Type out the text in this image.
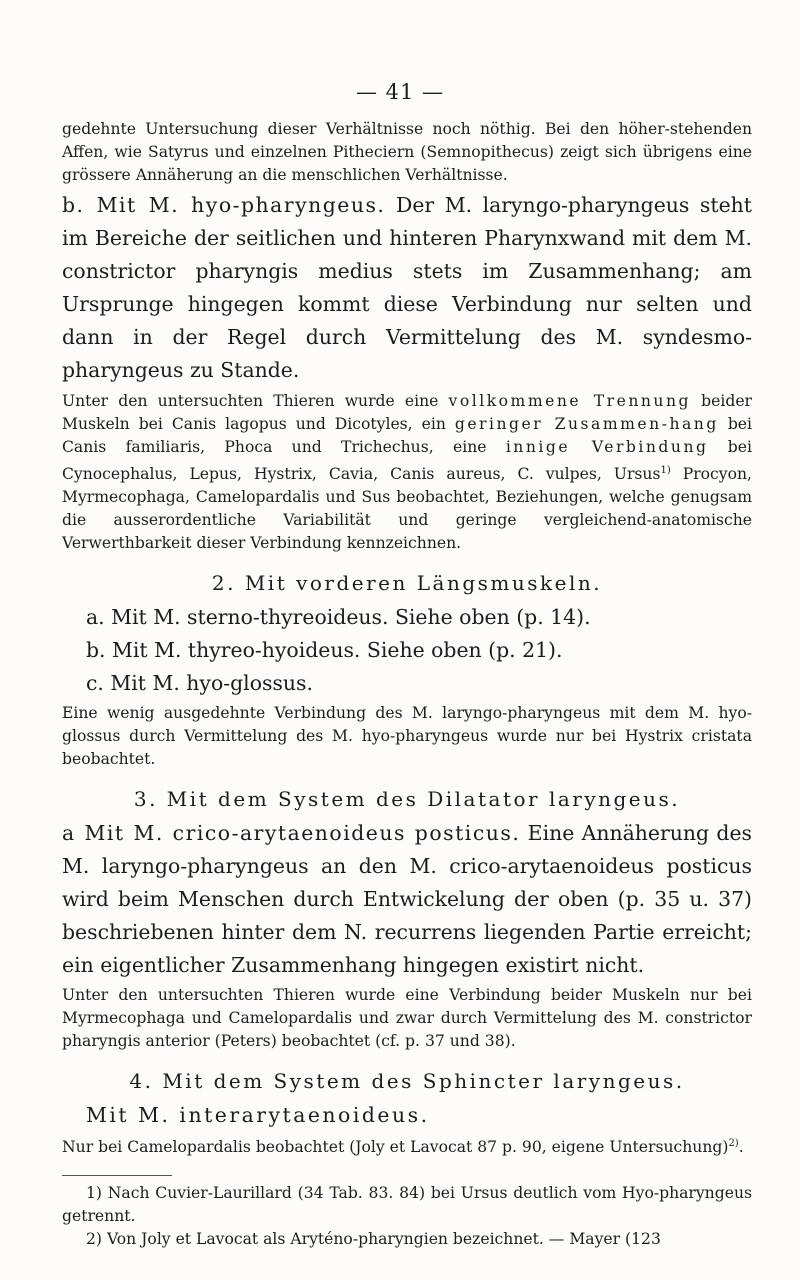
— 41 —

gedehnte Untersuchung dieser Verhältnisse noch nöthig. Bei den höher-stehenden Affen, wie Satyrus und einzelnen Pitheciern (Semnopithecus) zeigt sich übrigens eine grössere Annäherung an die menschlichen Verhältnisse.

b. Mit M. hyo-pharyngeus. Der M. laryngo-pharyngeus steht im Bereiche der seitlichen und hinteren Pharynxwand mit dem M. constrictor pharyngis medius stets im Zusammenhang; am Ursprunge hingegen kommt diese Verbindung nur selten und dann in der Regel durch Vermittelung des M. syndesmo-pharyngeus zu Stande.

Unter den untersuchten Thieren wurde eine vollkommene Trennung beider Muskeln bei Canis lagopus und Dicotyles, ein geringer Zusammen-hang bei Canis familiaris, Phoca und Trichechus, eine innige Verbindung bei Cynocephalus, Lepus, Hystrix, Cavia, Canis aureus, C. vulpes, Ursus$^{1)}$ Procyon, Myrmecophaga, Camelopardalis und Sus beobachtet, Beziehungen, welche genugsam die ausserordentliche Variabilität und geringe vergleichend-anatomische Verwerthbarkeit dieser Verbindung kennzeichnen.

2. Mit vorderen Längsmuskeln.
a. Mit M. sterno-thyreoideus. Siehe oben (p. 14).
b. Mit M. thyreo-hyoideus. Siehe oben (p. 21).
c. Mit M. hyo-glossus.

Eine wenig ausgedehnte Verbindung des M. laryngo-pharyngeus mit dem M. hyo-glossus durch Vermittelung des M. hyo-pharyngeus wurde nur bei Hystrix cristata beobachtet.

3. Mit dem System des Dilatator laryngeus.

a Mit M. crico-arytaenoideus posticus. Eine Annäherung des M. laryngo-pharyngeus an den M. crico-arytaenoideus posticus wird beim Menschen durch Entwickelung der oben (p. 35 u. 37) beschriebenen hinter dem N. recurrens liegenden Partie erreicht; ein eigentlicher Zusammenhang hingegen existirt nicht.

Unter den untersuchten Thieren wurde eine Verbindung beider Muskeln nur bei Myrmecophaga und Camelopardalis und zwar durch Vermittelung des M. constrictor pharyngis anterior (Peters) beobachtet (cf. p. 37 und 38).

4. Mit dem System des Sphincter laryngeus.
Mit M. interarytaenoideus.

Nur bei Camelopardalis beobachtet (Joly et Lavocat 87 p. 90, eigene Untersuchung)$^{2)}$.

1) Nach Cuvier-Laurillard (34 Tab. 83. 84) bei Ursus deutlich vom Hyo-pharyngeus getrennt.

2) Von Joly et Lavocat als Aryténo-pharyngien bezeichnet. — Mayer (123
